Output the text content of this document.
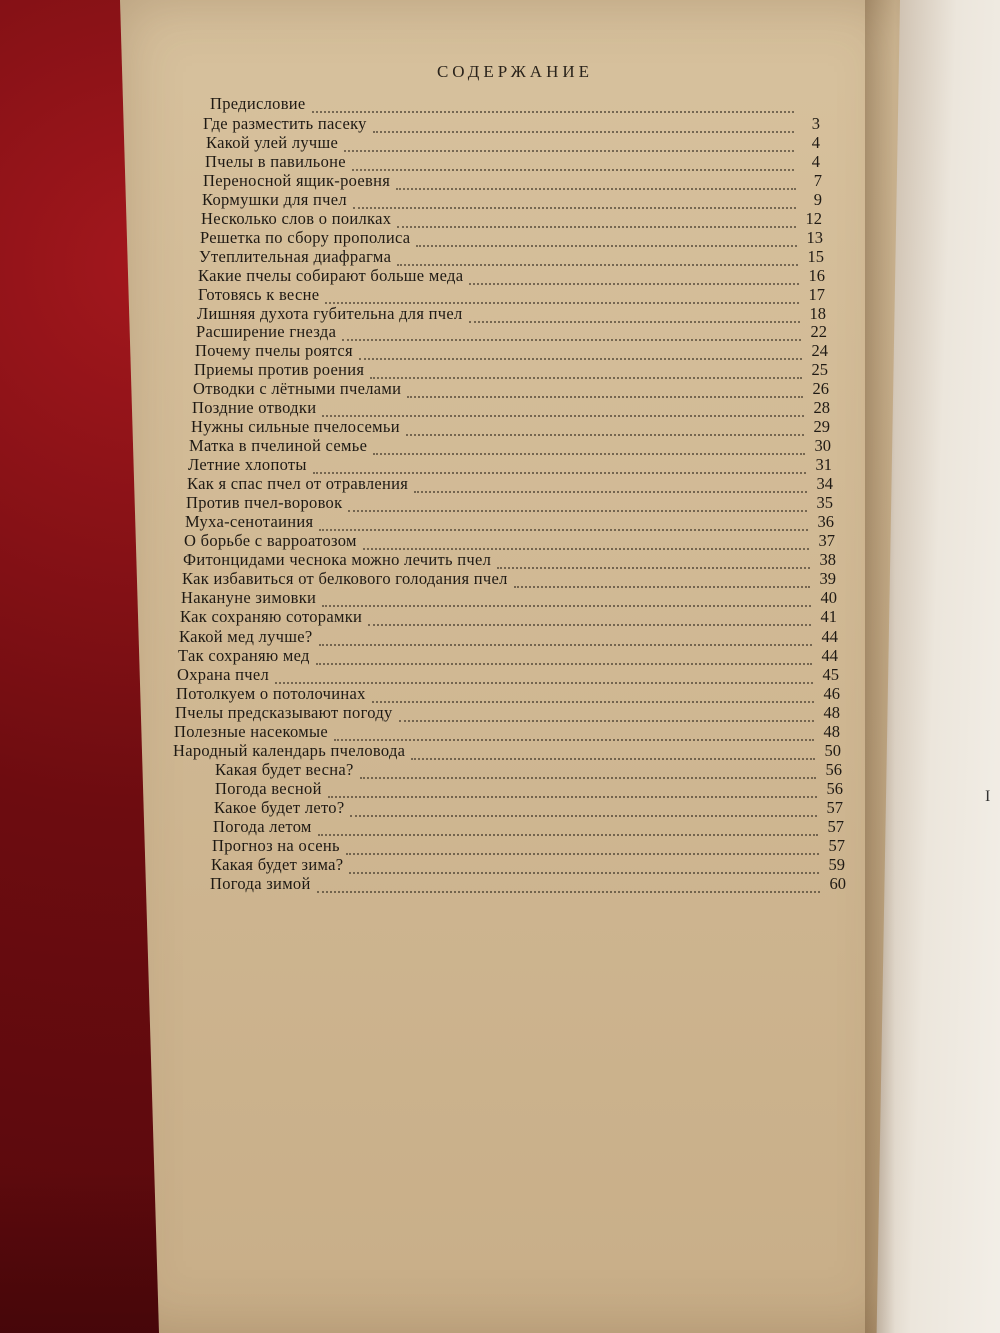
I
СОДЕРЖАНИЕ
Предисловие
Где разместить пасеку	3
Какой улей лучше	4
Пчелы в павильоне	4
Переносной ящик-роевня	7
Кормушки для пчел	9
Несколько слов о поилках	12
Решетка по сбору прополиса	13
Утеплительная диафрагма	15
Какие пчелы собирают больше меда	16
Готовясь к весне	17
Лишняя духота губительна для пчел	18
Расширение гнезда	22
Почему пчелы роятся	24
Приемы против роения	25
Отводки с лётными пчелами	26
Поздние отводки	28
Нужны сильные пчелосемьи	29
Матка в пчелиной семье	30
Летние хлопоты	31
Как я спас пчел от отравления	34
Против пчел-воровок	35
Муха-сенотаиния	36
О борьбе с варроатозом	37
Фитонцидами чеснока можно лечить пчел	38
Как избавиться от белкового голодания пчел	39
Накануне зимовки	40
Как сохраняю соторамки	41
Какой мед лучше?	44
Так сохраняю мед	44
Охрана пчел	45
Потолкуем о потолочинах	46
Пчелы предсказывают погоду	48
Полезные насекомые	48
Народный календарь пчеловода	50
Какая будет весна?	56
Погода весной	56
Какое будет лето?	57
Погода летом	57
Прогноз на осень	57
Какая будет зима?	59
Погода зимой	60
